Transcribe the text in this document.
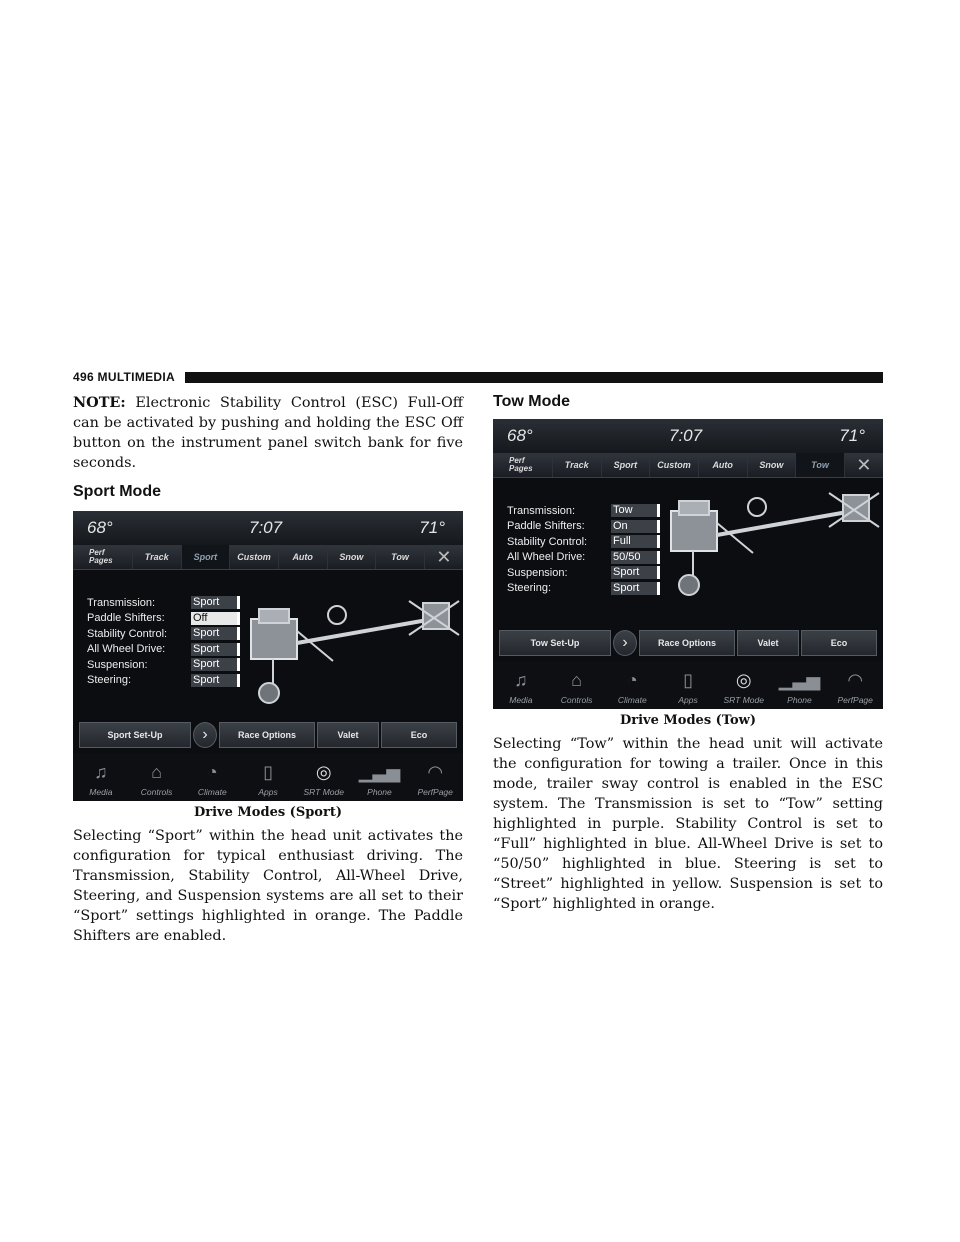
496 MULTIMEDIA

NOTE: Electronic Stability Control (ESC) Full-Off can be activated by pushing and holding the ESC Off button on the instrument panel switch bank for five seconds.

Sport Mode
68°	7:07	71°
Perf
Pages	Track	Sport	Custom	Auto	Snow	Tow	✕
Transmission:	Sport
Paddle Shifters:	Off
Stability Control:	Sport
All Wheel Drive:	Sport
Suspension:	Sport
Steering:	Sport
Sport Set-Up	›	Race Options	Valet	Eco
♫
Media
⌂
Controls
◔
Climate
▯
Apps
◎
SRT Mode
▁▃▅
Phone
◠
PerfPage
Drive Modes (Sport)

Selecting “Sport” within the head unit activates the configuration for typical enthusiast driving. The Transmission, Stability Control, All-Wheel Drive, Steering, and Suspension systems are all set to their “Sport” settings highlighted in orange. The Paddle Shifters are enabled.

Tow Mode
68°	7:07	71°
Perf
Pages	Track	Sport	Custom	Auto	Snow	Tow	✕
Transmission:	Tow
Paddle Shifters:	On
Stability Control:	Full
All Wheel Drive:	50/50
Suspension:	Sport
Steering:	Sport
Tow Set-Up	›	Race Options	Valet	Eco
♫
Media
⌂
Controls
◔
Climate
▯
Apps
◎
SRT Mode
▁▃▅
Phone
◠
PerfPage
Drive Modes (Tow)

Selecting “Tow” within the head unit will activate the configuration for towing a trailer. Once in this mode, trailer sway control is enabled in the ESC system. The Transmission is set to “Tow” setting highlighted in purple. Stability Control is set to “Full” highlighted in blue. All-Wheel Drive is set to “50/50” highlighted in blue. Steering is set to “Street” highlighted in yellow. Suspension is set to “Sport” highlighted in orange.
